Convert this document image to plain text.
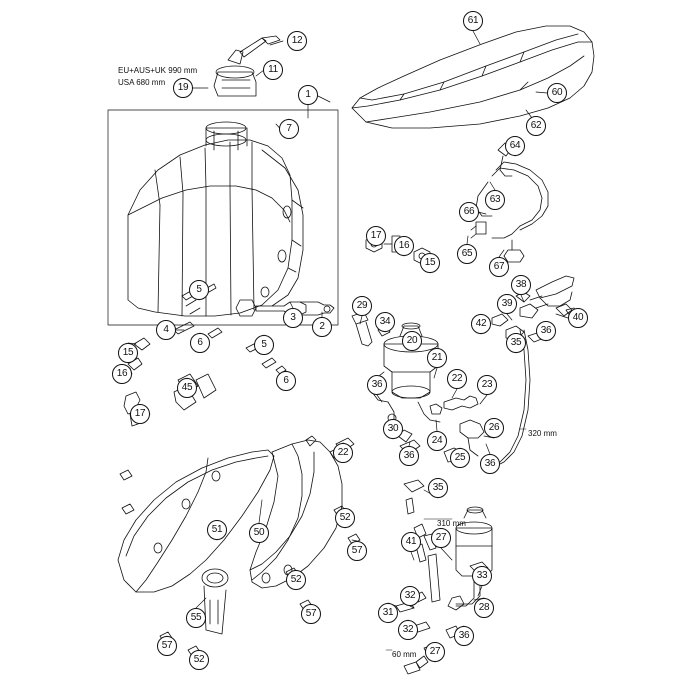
EU+AUS+UK 990 mm
USA 680 mm
320 mm
310 mm
60 mm
12
11
19
1
61
60
62
7
64
63
66
17
16
15
65
67
38
5
39
29
42
36
40
3
2	34
4
35
6	20
5
15	21
16
6	22
23
36
45
17
30
24
26
36	25
36
22
35
52
51	50	27
41
57
33
52
31
32
28
55	57
32
36
57
52
27
